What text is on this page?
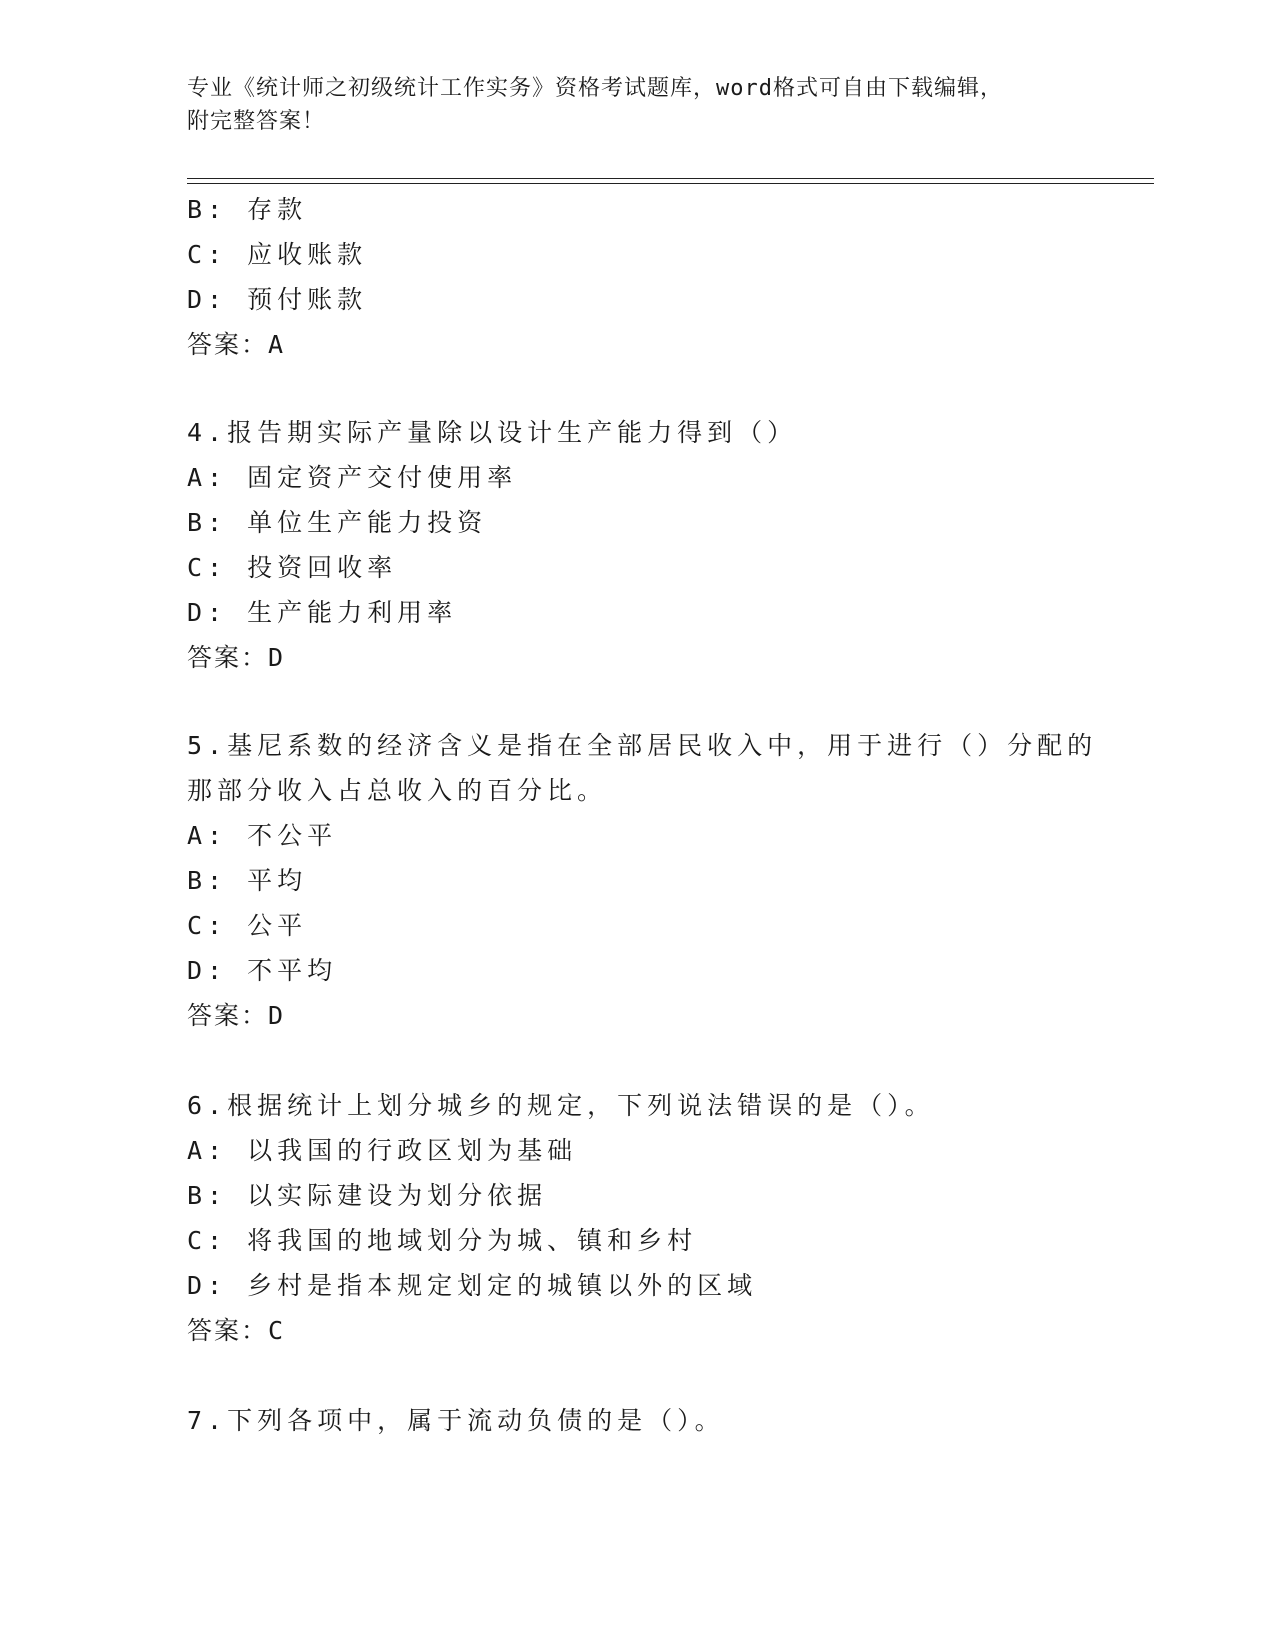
专业《统计师之初级统计工作实务》资格考试题库，word格式可自由下载编辑，
附完整答案！
B: 存款
C: 应收账款
D: 预付账款
答案：A
4.报告期实际产量除以设计生产能力得到（）
A: 固定资产交付使用率
B: 单位生产能力投资
C: 投资回收率
D: 生产能力利用率
答案：D
5.基尼系数的经济含义是指在全部居民收入中，用于进行（）分配的
那部分收入占总收入的百分比。
A: 不公平
B: 平均
C: 公平
D: 不平均
答案：D
6.根据统计上划分城乡的规定，下列说法错误的是（）。
A: 以我国的行政区划为基础
B: 以实际建设为划分依据
C: 将我国的地域划分为城、镇和乡村
D: 乡村是指本规定划定的城镇以外的区域
答案：C
7.下列各项中，属于流动负债的是（）。
